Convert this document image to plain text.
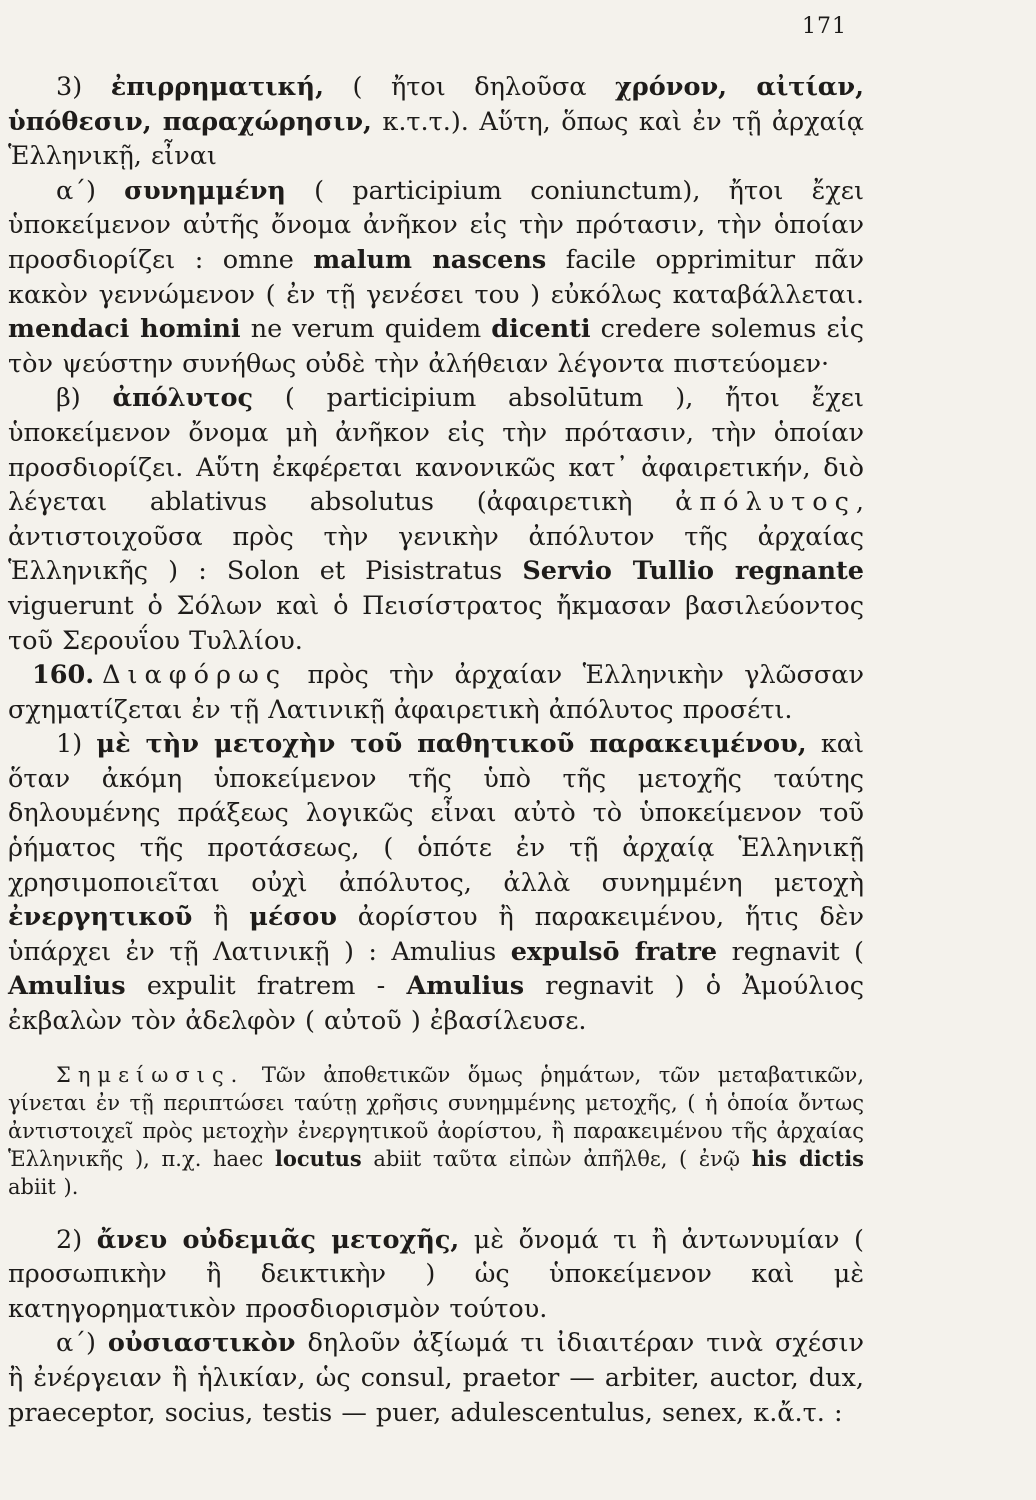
171

3) ἐπιρρηματική, ( ἤτοι δηλοῦσα χρόνον, αἰτίαν, ὑπόθεσιν, παραχώρησιν, κ.τ.τ.). Αὕτη, ὅπως καὶ ἐν τῇ ἀρχαίᾳ Ἑλληνικῇ, εἶναι

α΄) συνημμένη ( participium coniunctum), ἤτοι ἔχει ὑποκείμενον αὐτῆς ὄνομα ἀνῆκον εἰς τὴν πρότασιν, τὴν ὁποίαν προσδιορίζει : omne malum nascens facile opprimitur πᾶν κακὸν γεννώμενον ( ἐν τῇ γενέσει του ) εὐκόλως καταβάλλεται. mendaci homini ne verum quidem dicenti credere solemus εἰς τὸν ψεύστην συνήθως οὐδὲ τὴν ἀλήθειαν λέγοντα πιστεύομεν·

β) ἀπόλυτος ( participium absolūtum ), ἤτοι ἔχει ὑποκείμενον ὄνομα μὴ ἀνῆκον εἰς τὴν πρότασιν, τὴν ὁποίαν προσδιορίζει. Αὕτη ἐκφέρεται κανονικῶς κατ᾽ ἀφαιρετικήν, διὸ λέγεται ablativus absolutus (ἀφαιρετικὴ ἀπόλυτος, ἀντιστοιχοῦσα πρὸς τὴν γενικὴν ἀπόλυτον τῆς ἀρχαίας Ἑλληνικῆς ) : Solon et Pisistratus Servio Tullio regnante viguerunt ὁ Σόλων καὶ ὁ Πεισίστρατος ἤκμασαν βασιλεύοντος τοῦ Σερουΐου Τυλλίου.

160. Διαφόρως πρὸς τὴν ἀρχαίαν Ἑλληνικὴν γλῶσσαν σχηματίζεται ἐν τῇ Λατινικῇ ἀφαιρετικὴ ἀπόλυτος προσέτι.

1) μὲ τὴν μετοχὴν τοῦ παθητικοῦ παρακειμένου, καὶ ὅταν ἀκόμη ὑποκείμενον τῆς ὑπὸ τῆς μετοχῆς ταύτης δηλουμένης πράξεως λογικῶς εἶναι αὐτὸ τὸ ὑποκείμενον τοῦ ῥήματος τῆς προτάσεως, ( ὁπότε ἐν τῇ ἀρχαίᾳ Ἑλληνικῇ χρησιμοποιεῖται οὐχὶ ἀπόλυτος, ἀλλὰ συνημμένη μετοχὴ ἐνεργητικοῦ ἢ μέσου ἀορίστου ἢ παρακειμένου, ἥτις δὲν ὑπάρχει ἐν τῇ Λατινικῇ ) : Amulius expulsō fratre regnavit ( Amulius expulit fratrem - Amulius regnavit ) ὁ Ἀμούλιος ἐκβαλὼν τὸν ἀδελφὸν ( αὐτοῦ ) ἐβασίλευσε.

Σημείωσις. Τῶν ἀποθετικῶν ὅμως ῥημάτων, τῶν μεταβατικῶν, γίνεται ἐν τῇ περιπτώσει ταύτῃ χρῆσις συνημμένης μετοχῆς, ( ἡ ὁποία ὄντως ἀντιστοιχεῖ πρὸς μετοχὴν ἐνεργητικοῦ ἀορίστου, ἢ παρακειμένου τῆς ἀρχαίας Ἑλληνικῆς ), π.χ. haec locutus abiit ταῦτα εἰπὼν ἀπῆλθε, ( ἐνῷ his dictis abiit ).

2) ἄνευ οὐδεμιᾶς μετοχῆς, μὲ ὄνομά τι ἢ ἀντωνυμίαν ( προσωπικὴν ἢ δεικτικὴν ) ὡς ὑποκείμενον καὶ μὲ κατηγορηματικὸν προσδιορισμὸν τούτου.

α΄) οὐσιαστικὸν δηλοῦν ἀξίωμά τι ἰδιαιτέραν τινὰ σχέσιν ἢ ἐνέργειαν ἢ ἡλικίαν, ὡς consul, praetor — arbiter, auctor, dux, praeceptor, socius, testis — puer, adulescentulus, senex, κ.ἄ.τ. :
